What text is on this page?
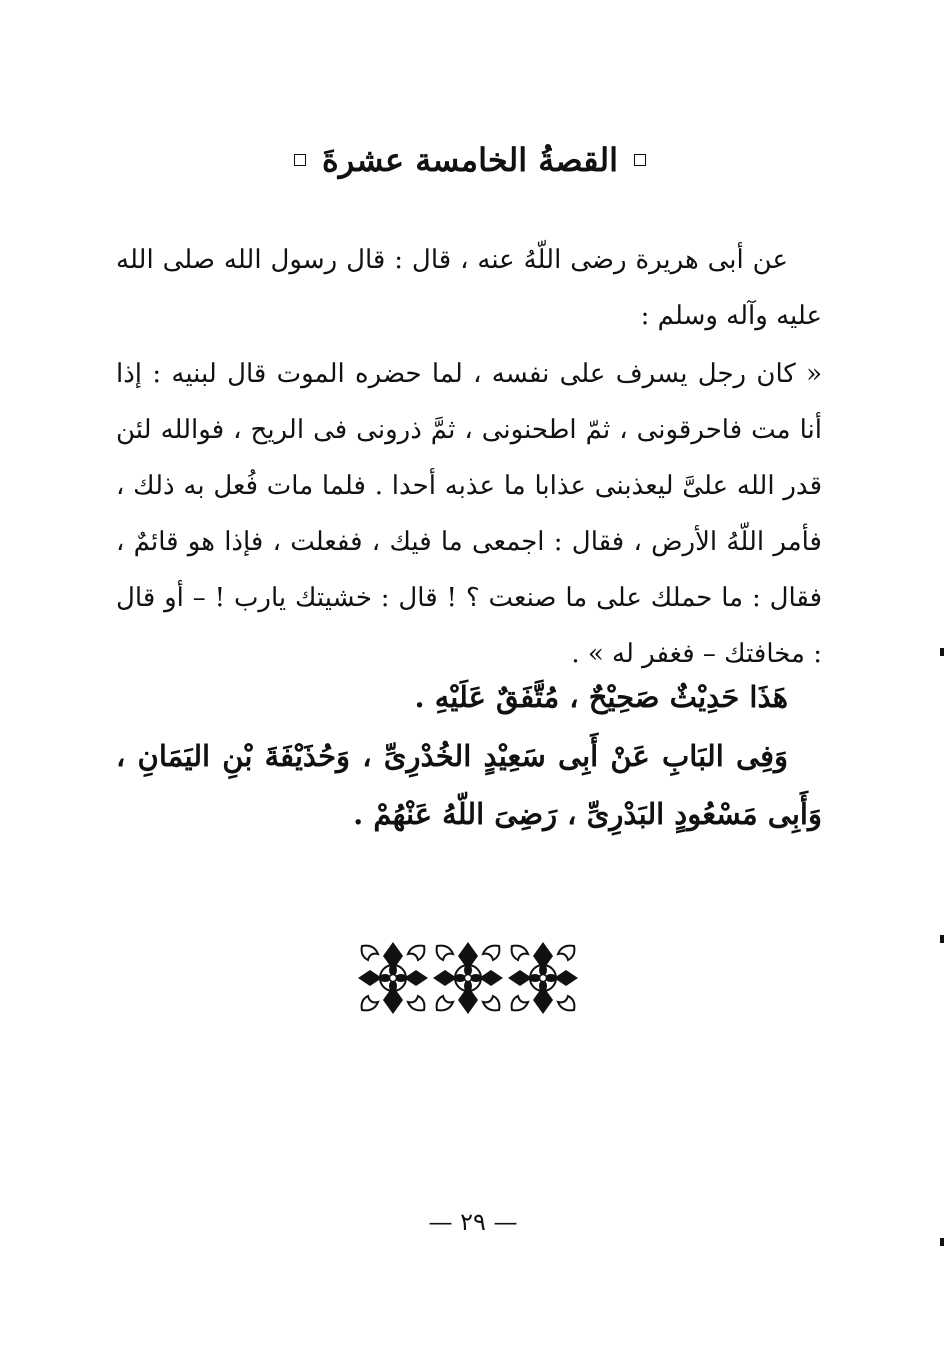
القصةُ الخامسة عشرةَ

عن أبى هريرة رضى اللّهُ عنه ، قال : قال رسول الله صلى الله عليه وآله وسلم :

« كان رجل يسرف على نفسه ، لما حضره الموت قال لبنيه : إذا أنا مت فاحرقونى ، ثمّ اطحنونى ، ثمَّ ذرونى فى الريح ، فوالله لئن قدر الله علىَّ ليعذبنى عذابا ما عذبه أحدا . فلما مات فُعل به ذلك ، فأمر اللّهُ الأرض ، فقال : اجمعى ما فيك ، ففعلت ، فإذا هو قائمٌ ، فقال : ما حملك على ما صنعت ؟ ! قال : خشيتك يارب ! – أو قال : مخافتك – فغفر له » .

هَذَا حَدِيْثٌ صَحِيْحٌ ، مُتَّفَقٌ عَلَيْهِ .

وَفِى البَابِ عَنْ أَبِى سَعِيْدٍ الخُدْرِىِّ ، وَحُذَيْفَةَ بْنِ اليَمَانِ ، وَأَبِى مَسْعُودٍ البَدْرِىِّ ، رَضِىَ اللّهُ عَنْهُمْ .

— ٢٩ —
